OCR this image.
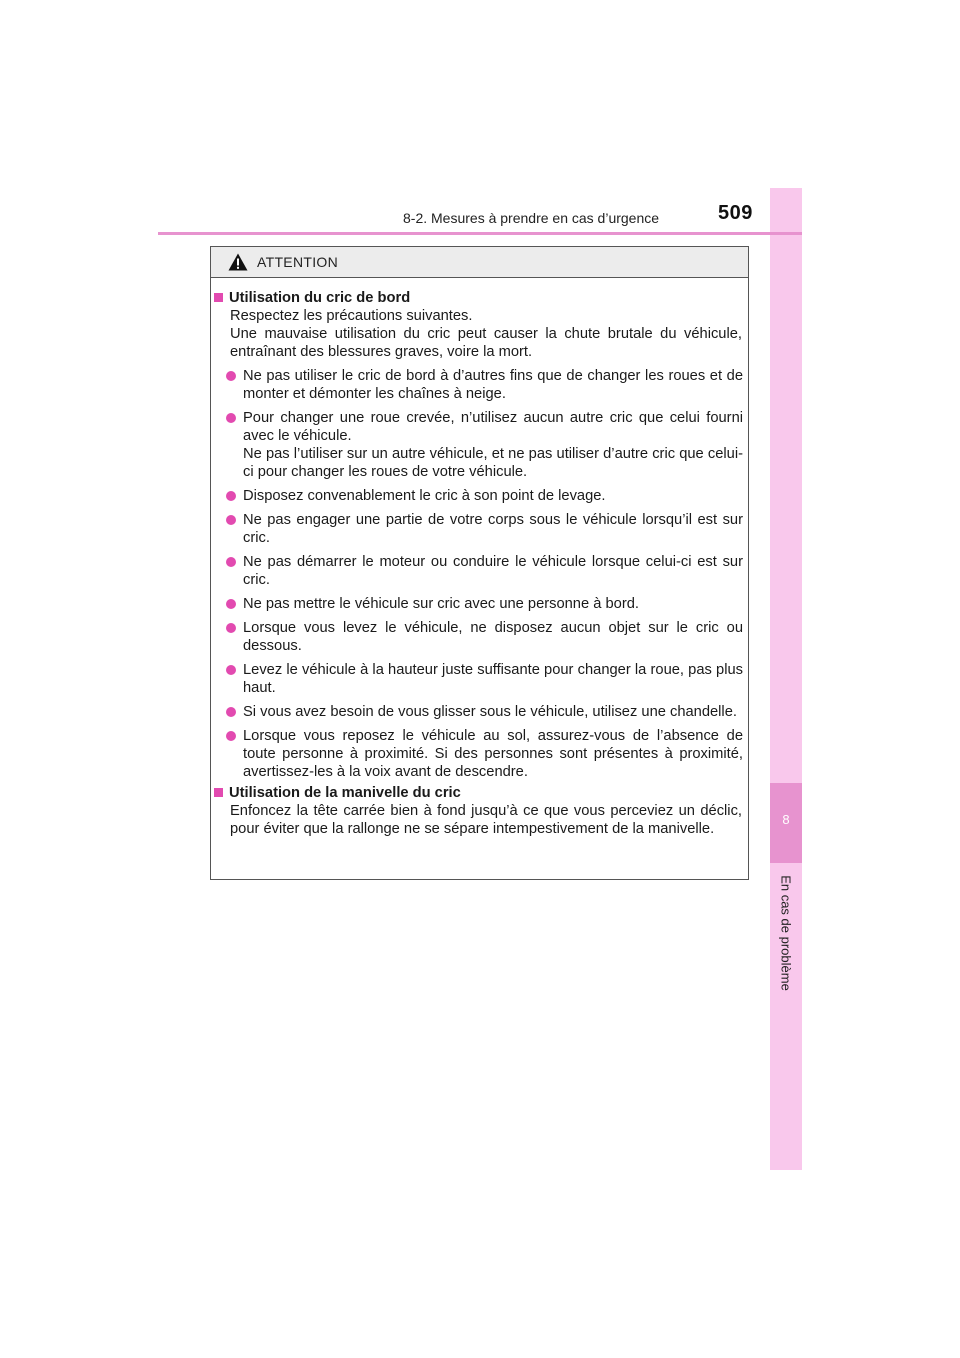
8-2. Mesures à prendre en cas d’urgence	509
8
En cas de problème
ATTENTION
Utilisation du cric de bord
Respectez les précautions suivantes.
Une mauvaise utilisation du cric peut causer la chute brutale du véhicule, entraînant des blessures graves, voire la mort.
Ne pas utiliser le cric de bord à d’autres fins que de changer les roues et de monter et démonter les chaînes à neige.
Pour changer une roue crevée, n’utilisez aucun autre cric que celui fourni avec le véhicule.
Ne pas l’utiliser sur un autre véhicule, et ne pas utiliser d’autre cric que celui-ci pour changer les roues de votre véhicule.
Disposez convenablement le cric à son point de levage.
Ne pas engager une partie de votre corps sous le véhicule lorsqu’il est sur cric.
Ne pas démarrer le moteur ou conduire le véhicule lorsque celui-ci est sur cric.
Ne pas mettre le véhicule sur cric avec une personne à bord.
Lorsque vous levez le véhicule, ne disposez aucun objet sur le cric ou dessous.
Levez le véhicule à la hauteur juste suffisante pour changer la roue, pas plus haut.
Si vous avez besoin de vous glisser sous le véhicule, utilisez une chandelle.
Lorsque vous reposez le véhicule au sol, assurez-vous de l’absence de toute personne à proximité. Si des personnes sont présentes à proximité, avertissez-les à la voix avant de descendre.
Utilisation de la manivelle du cric
Enfoncez la tête carrée bien à fond jusqu’à ce que vous perceviez un déclic, pour éviter que la rallonge ne se sépare intempestivement de la manivelle.
